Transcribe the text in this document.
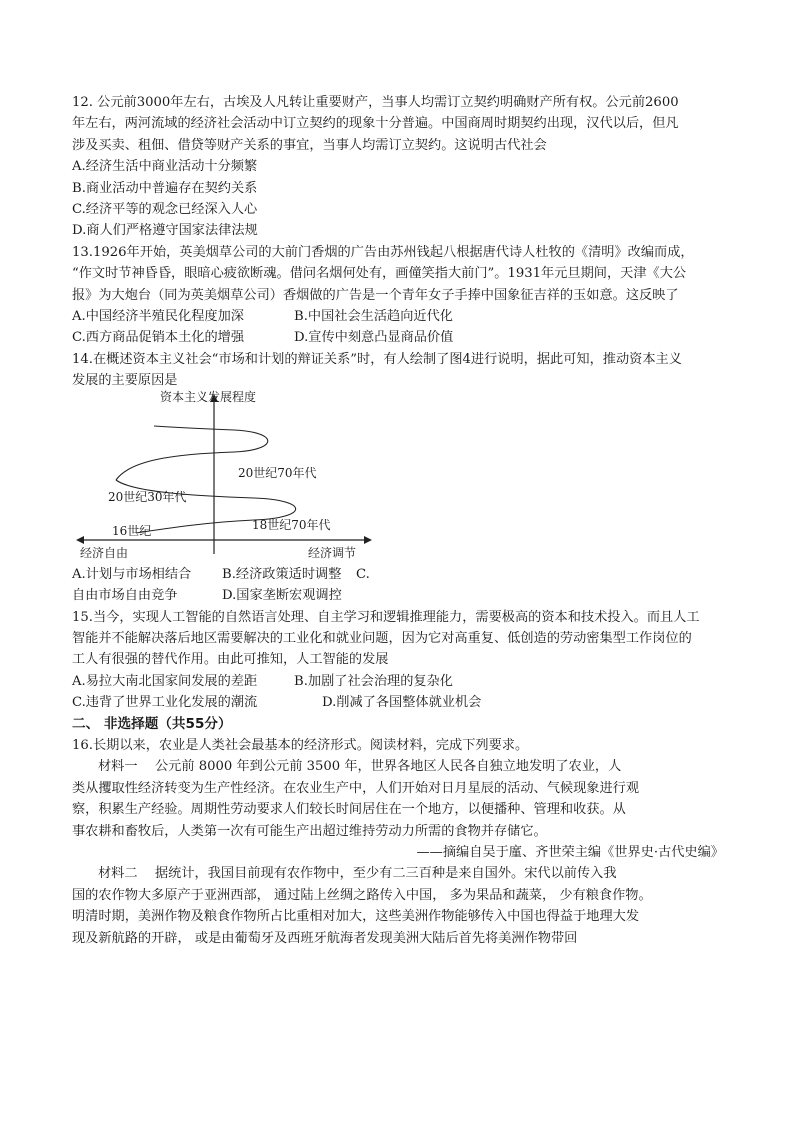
12. 公元前3000年左右，古埃及人凡转让重要财产，当事人均需订立契约明确财产所有权。公元前2600
年左右，两河流域的经济社会活动中订立契约的现象十分普遍。中国商周时期契约出现，汉代以后，但凡
涉及买卖、租佃、借贷等财产关系的事宜，当事人均需订立契约。这说明古代社会
A.经济生活中商业活动十分频繁
B.商业活动中普遍存在契约关系
C.经济平等的观念已经深入人心
D.商人们严格遵守国家法律法规
13.1926年开始，英美烟草公司的大前门香烟的广告由苏州钱起八根据唐代诗人杜牧的《清明》改编而成，
“作文时节神昏昏，眼暗心疲欲断魂。借问名烟何处有，画僮笑指大前门”。1931年元旦期间，天津《大公
报》为大炮台（同为英美烟草公司）香烟做的广告是一个青年女子手捧中国象征吉祥的玉如意。这反映了
A.中国经济半殖民化程度加深	B.中国社会生活趋向近代化
C.西方商品促销本土化的增强	D.宣传中刻意凸显商品价值
14.在概述资本主义社会“市场和计划的辩证关系”时，有人绘制了图4进行说明，据此可知，推动资本主义
发展的主要原因是
资本主义发展程度
20世纪70年代
20世纪30年代
18世纪70年代
16世纪
经济自由	经济调节
A.计划与市场相结合	B.经济政策适时调整	C.
自由市场自由竞争	D.国家垄断宏观调控
15.当今，实现人工智能的自然语言处理、自主学习和逻辑推理能力，需要极高的资本和技术投入。而且人工
智能并不能解决落后地区需要解决的工业化和就业问题，因为它对高重复、低创造的劳动密集型工作岗位的
工人有很强的替代作用。由此可推知，人工智能的发展
A.易拉大南北国家间发展的差距	B.加剧了社会治理的复杂化
C.违背了世界工业化发展的潮流	D.削减了各国整体就业机会
二、 非选择题（共55分）
16.长期以来，农业是人类社会最基本的经济形式。阅读材料，完成下列要求。
材料一　 公元前 8000 年到公元前 3500 年，世界各地区人民各自独立地发明了农业，人
类从攫取性经济转变为生产性经济。在农业生产中，人们开始对日月星辰的活动、气候现象进行观
察，积累生产经验。周期性劳动要求人们较长时间居住在一个地方，以便播种、管理和收获。从
事农耕和畜牧后，人类第一次有可能生产出超过维持劳动力所需的食物并存储它。
——摘编自吴于廑、齐世荣主编《世界史·古代史编》
材料二　 据统计，我国目前现有农作物中，至少有二三百种是来自国外。宋代以前传入我
国的农作物大多原产于亚洲西部， 通过陆上丝绸之路传入中国， 多为果品和蔬菜， 少有粮食作物。
明清时期，美洲作物及粮食作物所占比重相对加大，这些美洲作物能够传入中国也得益于地理大发
现及新航路的开辟， 或是由葡萄牙及西班牙航海者发现美洲大陆后首先将美洲作物带回
